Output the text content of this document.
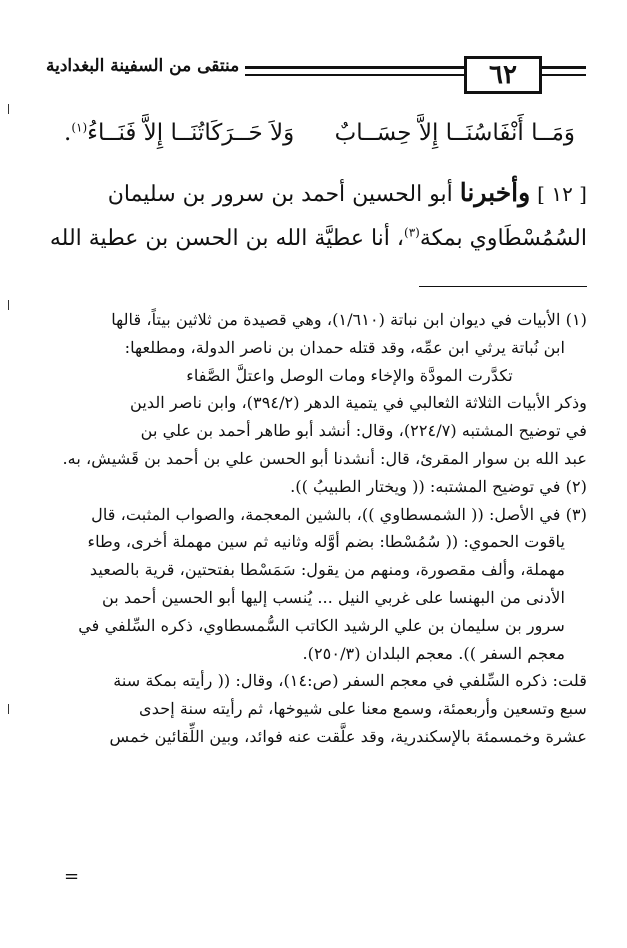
٦٢
منتقى من السفينة البغدادية
وَمَــا أَنْفَاسُنَــا إِلاَّ حِسَــابٌ
وَلاَ حَــرَكَاتُنَــا إِلاَّ فَنَــاءُ$^{(١)}$.
[ ١٢ ] وأخبرنا أبو الحسين أحمد بن سرور بن سليمان
السُمُسْطَاوي بمكة$^{(٣)}$، أنا عطيَّة الله بن الحسن بن عطية الله

(١) الأبيات في ديوان ابن نباتة (١/٦١٠)، وهي قصيدة من ثلاثين بيتاً، قالها

ابن نُباتة يرثي ابن عمِّه، وقد قتله حمدان بن ناصر الدولة، ومطلعها:

تكدَّرت المودَّة والإخاء ومات الوصل واعتلَّ الصَّفاء

وذكر الأبيات الثلاثة الثعالبي في يتمية الدهر (٣٩٤/٢)، وابن ناصر الدين

في توضيح المشتبه (٢٢٤/٧)، وقال: أنشد أبو طاهر أحمد بن علي بن

عبد الله بن سوار المقرئ، قال: أنشدنا أبو الحسن علي بن أحمد بن قَشيش، به.

(٢) في توضيح المشتبه: (( ويختار الطبيبُ )).

(٣) في الأصل: (( الشمسطاوي ))، بالشين المعجمة، والصواب المثبت، قال

ياقوت الحموي: (( سُمُسْطا: بضم أوَّله وثانيه ثم سين مهملة أخرى، وطاء

مهملة، وألف مقصورة، ومنهم من يقول: سَمَسْطا بفتحتين، قرية بالصعيد

الأدنى من البهنسا على غربي النيل ... يُنسب إليها أبو الحسين أحمد بن

سرور بن سليمان بن علي الرشيد الكاتب السُّمسطاوي، ذكره السِّلفي في

معجم السفر )). معجم البلدان (٢٥٠/٣).

قلت: ذكره السِّلفي في معجم السفر (ص:١٤)، وقال: (( رأيته بمكة سنة

سبع وتسعين وأربعمئة، وسمع معنا على شيوخها، ثم رأيته سنة إحدى

عشرة وخمسمئة بالإسكندرية، وقد علَّقت عنه فوائد، وبين اللِّقائين خمس

=
